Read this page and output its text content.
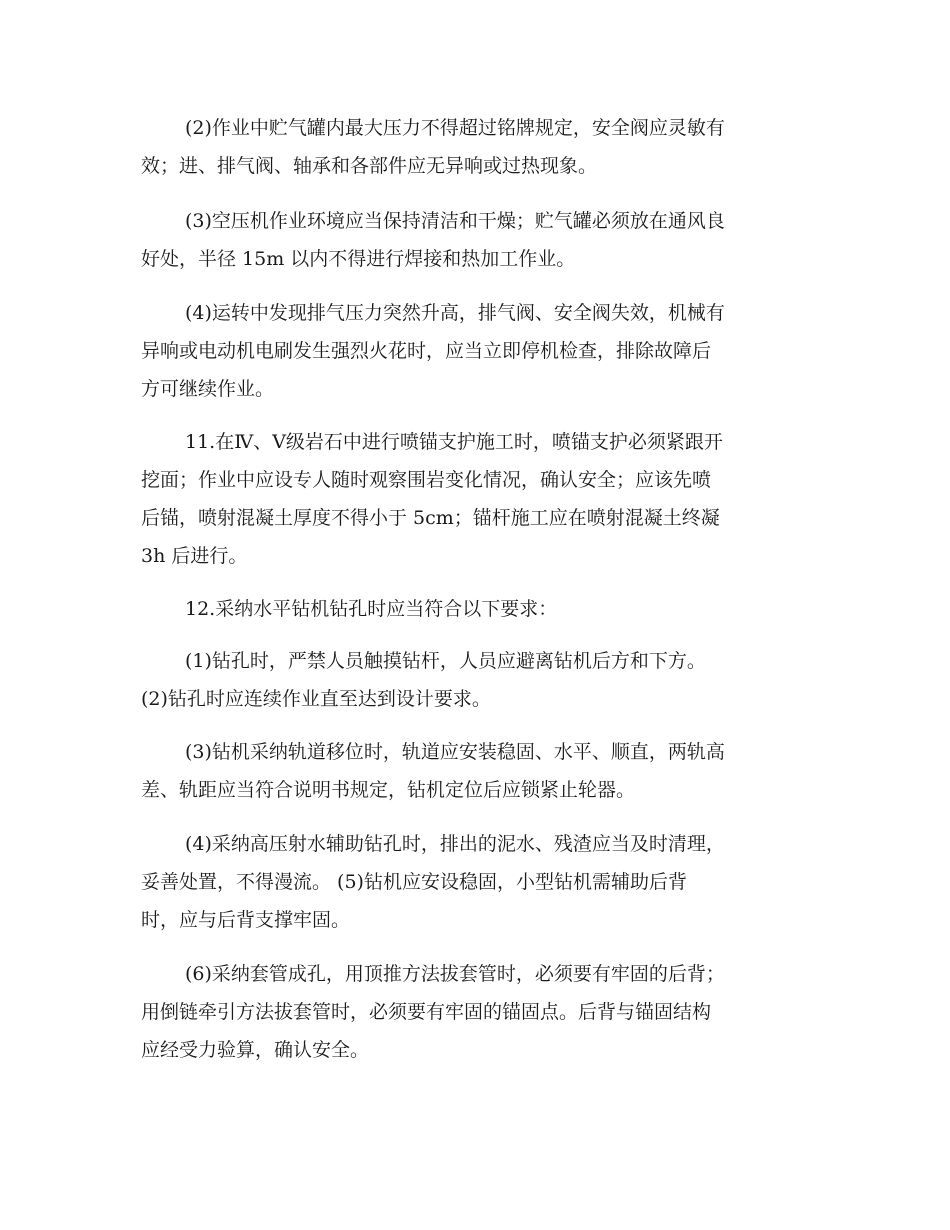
(2)作业中贮气罐内最大压力不得超过铭牌规定，安全阀应灵敏有

效；进、排气阀、轴承和各部件应无异响或过热现象。

(3)空压机作业环境应当保持清洁和干燥；贮气罐必须放在通风良

好处，半径 15m 以内不得进行焊接和热加工作业。

(4)运转中发现排气压力突然升高，排气阀、安全阀失效，机械有

异响或电动机电刷发生强烈火花时，应当立即停机检查，排除故障后

方可继续作业。

11.在Ⅳ、Ⅴ级岩石中进行喷锚支护施工时，喷锚支护必须紧跟开

挖面；作业中应设专人随时观察围岩变化情况，确认安全；应该先喷

后锚，喷射混凝土厚度不得小于 5cm；锚杆施工应在喷射混凝土终凝

3h 后进行。

12.采纳水平钻机钻孔时应当符合以下要求：

(1)钻孔时，严禁人员触摸钻杆，人员应避离钻机后方和下方。

(2)钻孔时应连续作业直至达到设计要求。

(3)钻机采纳轨道移位时，轨道应安装稳固、水平、顺直，两轨高

差、轨距应当符合说明书规定，钻机定位后应锁紧止轮器。

(4)采纳高压射水辅助钻孔时，排出的泥水、残渣应当及时清理，

妥善处置，不得漫流。 (5)钻机应安设稳固，小型钻机需辅助后背

时，应与后背支撑牢固。

(6)采纳套管成孔，用顶推方法拔套管时，必须要有牢固的后背；

用倒链牵引方法拔套管时，必须要有牢固的锚固点。后背与锚固结构

应经受力验算，确认安全。
